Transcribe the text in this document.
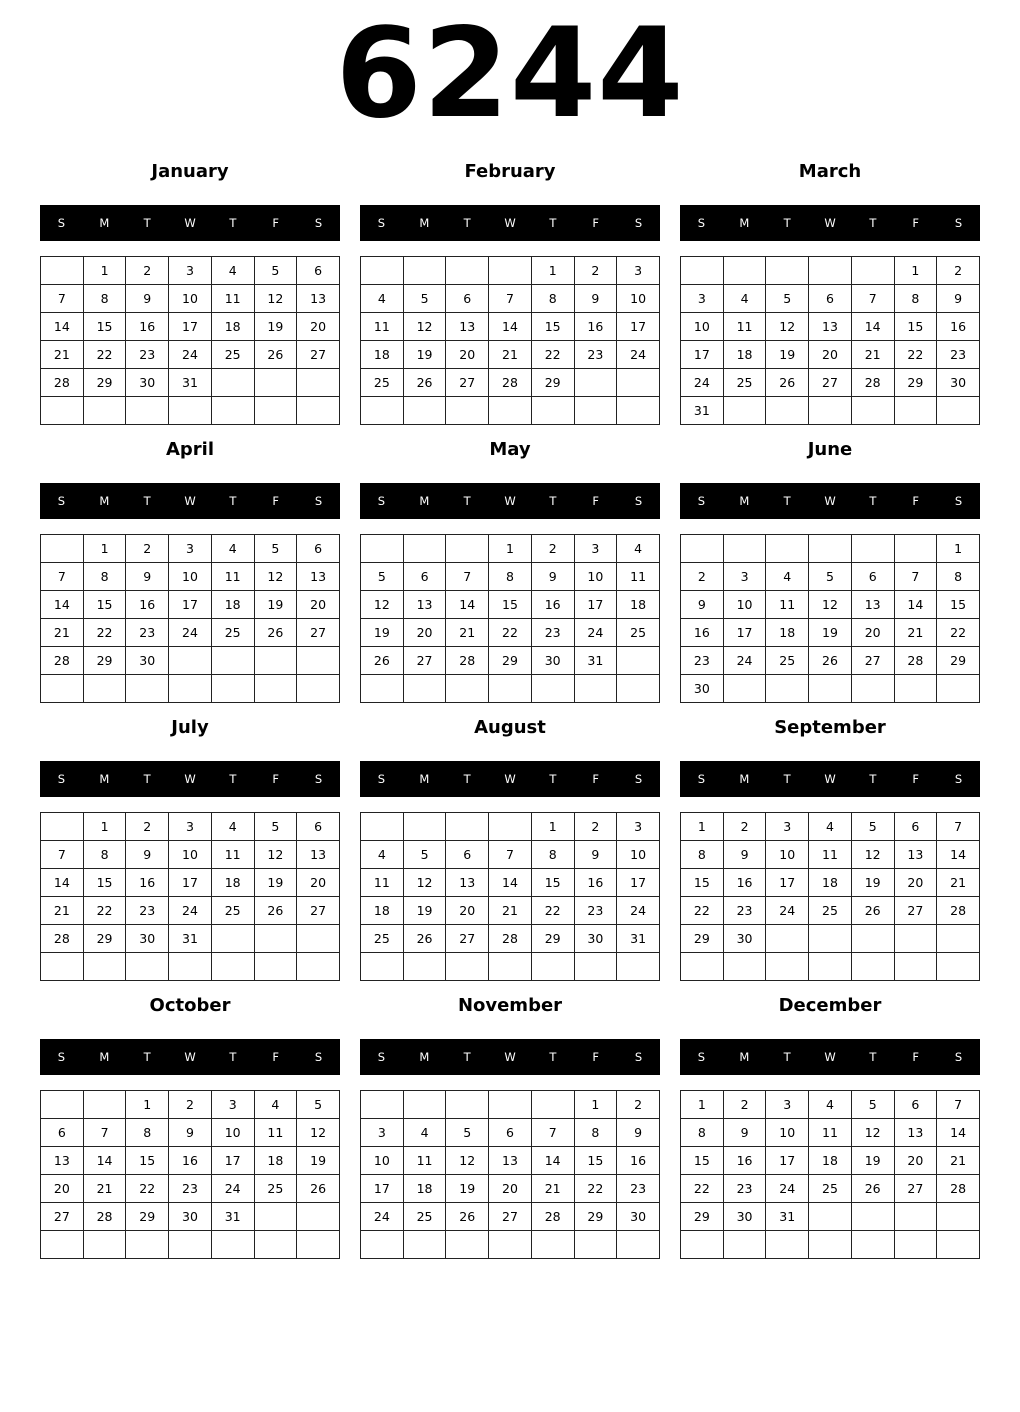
6244
January
S	M	T	W	T	F	S
	1	2	3	4	5	6
7	8	9	10	11	12	13
14	15	16	17	18	19	20
21	22	23	24	25	26	27
28	29	30	31			

February
S	M	T	W	T	F	S
				1	2	3
4	5	6	7	8	9	10
11	12	13	14	15	16	17
18	19	20	21	22	23	24
25	26	27	28	29		

March
S	M	T	W	T	F	S
					1	2
3	4	5	6	7	8	9
10	11	12	13	14	15	16
17	18	19	20	21	22	23
24	25	26	27	28	29	30
31						
April
S	M	T	W	T	F	S
	1	2	3	4	5	6
7	8	9	10	11	12	13
14	15	16	17	18	19	20
21	22	23	24	25	26	27
28	29	30				

May
S	M	T	W	T	F	S
			1	2	3	4
5	6	7	8	9	10	11
12	13	14	15	16	17	18
19	20	21	22	23	24	25
26	27	28	29	30	31	

June
S	M	T	W	T	F	S
						1
2	3	4	5	6	7	8
9	10	11	12	13	14	15
16	17	18	19	20	21	22
23	24	25	26	27	28	29
30						
July
S	M	T	W	T	F	S
	1	2	3	4	5	6
7	8	9	10	11	12	13
14	15	16	17	18	19	20
21	22	23	24	25	26	27
28	29	30	31			

August
S	M	T	W	T	F	S
				1	2	3
4	5	6	7	8	9	10
11	12	13	14	15	16	17
18	19	20	21	22	23	24
25	26	27	28	29	30	31

September
S	M	T	W	T	F	S
1	2	3	4	5	6	7
8	9	10	11	12	13	14
15	16	17	18	19	20	21
22	23	24	25	26	27	28
29	30					

October
S	M	T	W	T	F	S
		1	2	3	4	5
6	7	8	9	10	11	12
13	14	15	16	17	18	19
20	21	22	23	24	25	26
27	28	29	30	31		

November
S	M	T	W	T	F	S
					1	2
3	4	5	6	7	8	9
10	11	12	13	14	15	16
17	18	19	20	21	22	23
24	25	26	27	28	29	30

December
S	M	T	W	T	F	S
1	2	3	4	5	6	7
8	9	10	11	12	13	14
15	16	17	18	19	20	21
22	23	24	25	26	27	28
29	30	31				
